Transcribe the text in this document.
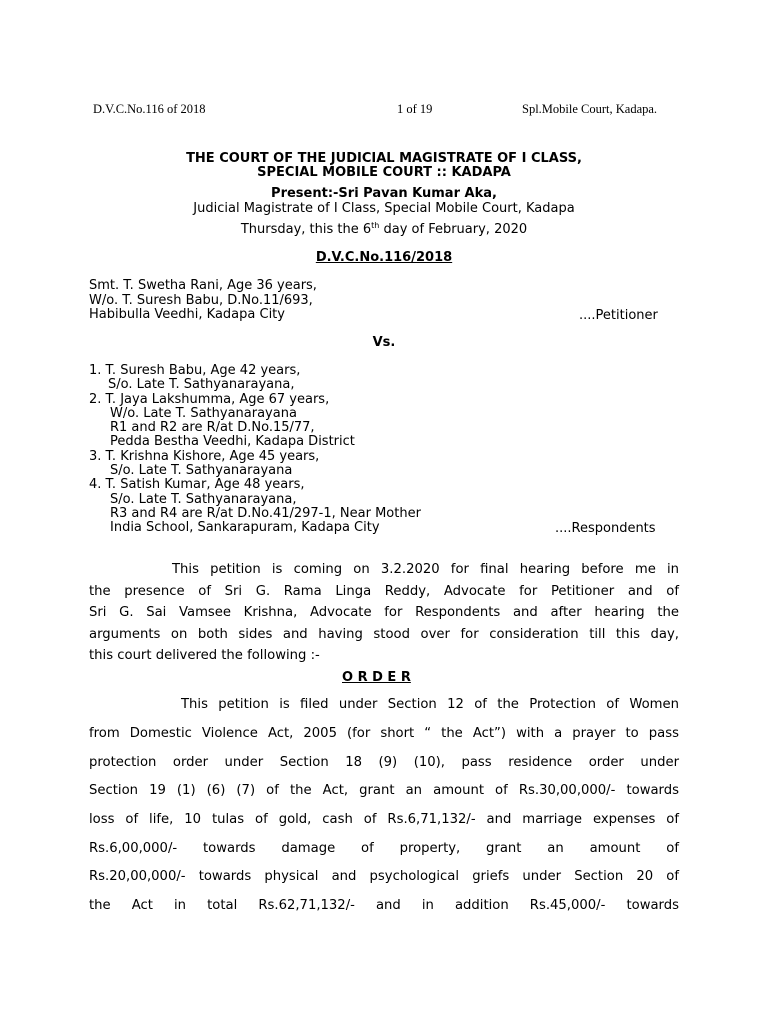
D.V.C.No.116 of 2018	1 of 19	Spl.Mobile Court, Kadapa.
THE COURT OF THE JUDICIAL MAGISTRATE OF I CLASS,
SPECIAL MOBILE COURT :: KADAPA
Present:-Sri Pavan Kumar Aka,
Judicial Magistrate of I Class, Special Mobile Court, Kadapa
Thursday, this the 6th day of February, 2020
D.V.C.No.116/2018
Smt. T. Swetha Rani, Age 36 years,
W/o. T. Suresh Babu, D.No.11/693,
Habibulla Veedhi, Kadapa City	....Petitioner
Vs.
1. T. Suresh Babu, Age 42 years,
S/o. Late T. Sathyanarayana,
2. T. Jaya Lakshumma, Age 67 years,
W/o. Late T. Sathyanarayana
R1 and R2 are R/at D.No.15/77,
Pedda Bestha Veedhi, Kadapa District
3. T. Krishna Kishore, Age 45 years,
S/o. Late T. Sathyanarayana
4. T. Satish Kumar, Age 48 years,
S/o. Late T. Sathyanarayana,
R3 and R4 are R/at D.No.41/297-1, Near Mother
India School, Sankarapuram, Kadapa City	....Respondents
This petition is coming on 3.2.2020 for final hearing before me in
the presence of Sri G. Rama Linga Reddy, Advocate for Petitioner and of
Sri G. Sai Vamsee Krishna, Advocate for Respondents and after hearing the
arguments on both sides and having stood over for consideration till this day,
this court delivered the following :-
O R D E R
This petition is filed under Section 12 of the Protection of Women
from Domestic Violence Act, 2005 (for short “ the Act”) with a prayer to pass
protection order under Section 18 (9) (10), pass residence order under
Section 19 (1) (6) (7) of the Act, grant an amount of Rs.30,00,000/- towards
loss of life, 10 tulas of gold, cash of Rs.6,71,132/- and marriage expenses of
Rs.6,00,000/- towards damage of property, grant an amount of
Rs.20,00,000/- towards physical and psychological griefs under Section 20 of
the Act in total Rs.62,71,132/- and in addition Rs.45,000/- towards
